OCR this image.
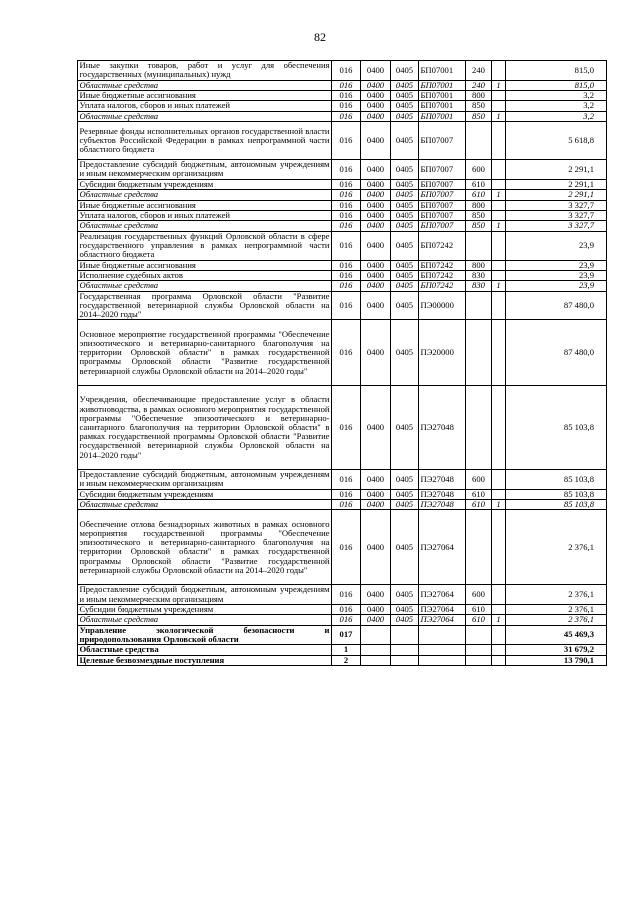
82
Иные закупки товаров, работ и услуг для обеспечения государственных (муниципальных) нужд	016	0400	0405	БП07001	240		815,0
Областные средства	016	0400	0405	БП07001	240	1	815,0
Иные бюджетные ассигнования	016	0400	0405	БП07001	800		3,2
Уплата налогов, сборов и иных платежей	016	0400	0405	БП07001	850		3,2
Областные средства	016	0400	0405	БП07001	850	1	3,2
Резервные фонды исполнительных органов государственной власти субъектов Российской Федерации в рамках непрограммной части областного бюджета	016	0400	0405	БП07007			5 618,8
Предоставление субсидий бюджетным, автономным учреждениям и иным некоммерческим организациям	016	0400	0405	БП07007	600		2 291,1
Субсидии бюджетным учреждениям	016	0400	0405	БП07007	610		2 291,1
Областные средства	016	0400	0405	БП07007	610	1	2 291,1
Иные бюджетные ассигнования	016	0400	0405	БП07007	800		3 327,7
Уплата налогов, сборов и иных платежей	016	0400	0405	БП07007	850		3 327,7
Областные средства	016	0400	0405	БП07007	850	1	3 327,7
Реализация государственных функций Орловской области в сфере государственного управления в рамках непрограммной части областного бюджета	016	0400	0405	БП07242			23,9
Иные бюджетные ассигнования	016	0400	0405	БП07242	800		23,9
Исполнение судебных актов	016	0400	0405	БП07242	830		23,9
Областные средства	016	0400	0405	БП07242	830	1	23,9
Государственная программа Орловской области "Развитие государственной ветеринарной службы Орловской области на 2014–2020 годы"	016	0400	0405	ПЭ00000			87 480,0
Основное мероприятие государственной программы "Обеспечение эпизоотического и ветеринарно-санитарного благополучия на территории Орловской области" в рамках государственной программы Орловской области "Развитие государственной ветеринарной службы Орловской области на 2014–2020 годы"	016	0400	0405	ПЭ20000			87 480,0
Учреждения, обеспечивающие предоставление услуг в области животноводства, в рамках основного мероприятия государственной программы "Обеспечение эпизоотического и ветеринарно-санитарного благополучия на территории Орловской области" в рамках государственной программы Орловской области "Развитие государственной ветеринарной службы Орловской области на 2014–2020 годы"	016	0400	0405	ПЭ27048			85 103,8
Предоставление субсидий бюджетным, автономным учреждениям и иным некоммерческим организациям	016	0400	0405	ПЭ27048	600		85 103,8
Субсидии бюджетным учреждениям	016	0400	0405	ПЭ27048	610		85 103,8
Областные средства	016	0400	0405	ПЭ27048	610	1	85 103,8
Обеспечение отлова безнадзорных животных в рамках основного мероприятия государственной программы "Обеспечение эпизоотического и ветеринарно-санитарного благополучия на территории Орловской области" в рамках государственной программы Орловской области "Развитие государственной ветеринарной службы Орловской области на 2014–2020 годы"	016	0400	0405	ПЭ27064			2 376,1
Предоставление субсидий бюджетным, автономным учреждениям и иным некоммерческим организациям	016	0400	0405	ПЭ27064	600		2 376,1
Субсидии бюджетным учреждениям	016	0400	0405	ПЭ27064	610		2 376,1
Областные средства	016	0400	0405	ПЭ27064	610	1	2 376,1
Управление экологической безопасности и природопользования Орловской области	017						45 469,3
Областные средства	1						31 679,2
Целевые безвозмездные поступления	2						13 790,1
